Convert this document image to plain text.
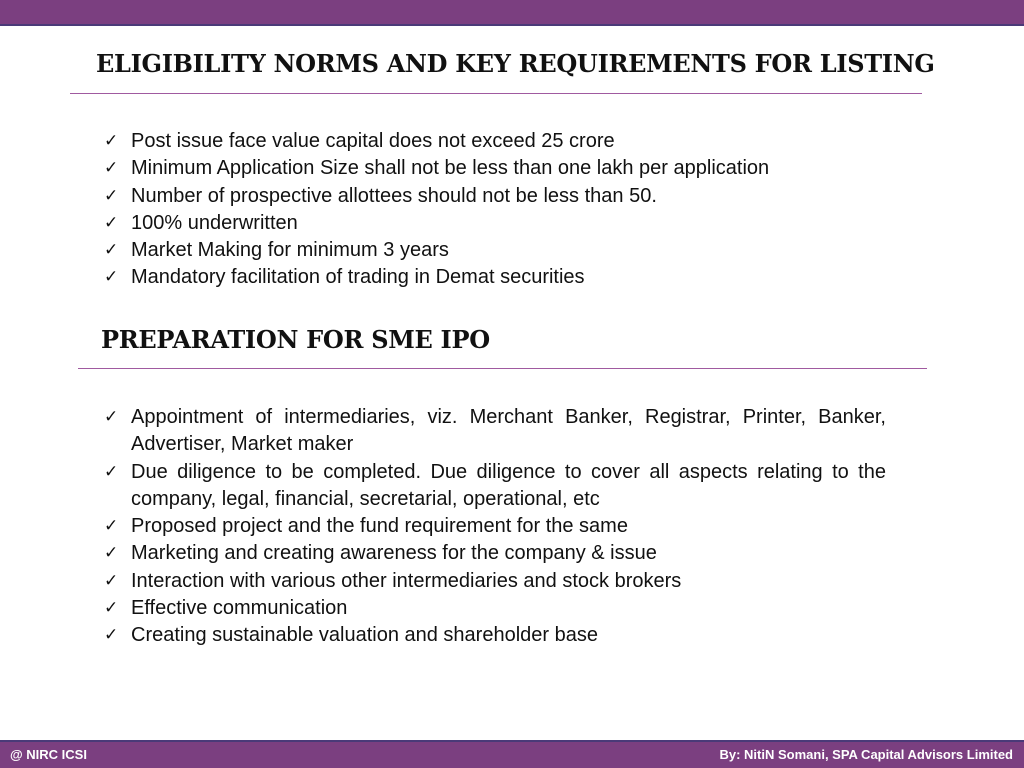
ELIGIBILITY NORMS AND KEY REQUIREMENTS FOR LISTING
✓ Post issue face value capital does not exceed 25 crore
✓ Minimum Application Size shall not be less than one lakh per application
✓ Number of prospective allottees should not be less than 50.
✓ 100% underwritten
✓ Market Making for minimum 3 years
✓ Mandatory facilitation of trading in Demat securities
PREPARATION FOR SME IPO
✓ Appointment of intermediaries, viz. Merchant Banker, Registrar, Printer, Banker, Advertiser, Market maker
✓ Due diligence to be completed. Due diligence to cover all aspects relating to the company, legal, financial, secretarial, operational, etc
✓ Proposed project and the fund requirement for the same
✓ Marketing and creating awareness for the company & issue
✓ Interaction with various other intermediaries and stock brokers
✓ Effective communication
✓ Creating sustainable valuation and shareholder base
@ NIRC ICSI	By: NitiN Somani, SPA Capital Advisors Limited
